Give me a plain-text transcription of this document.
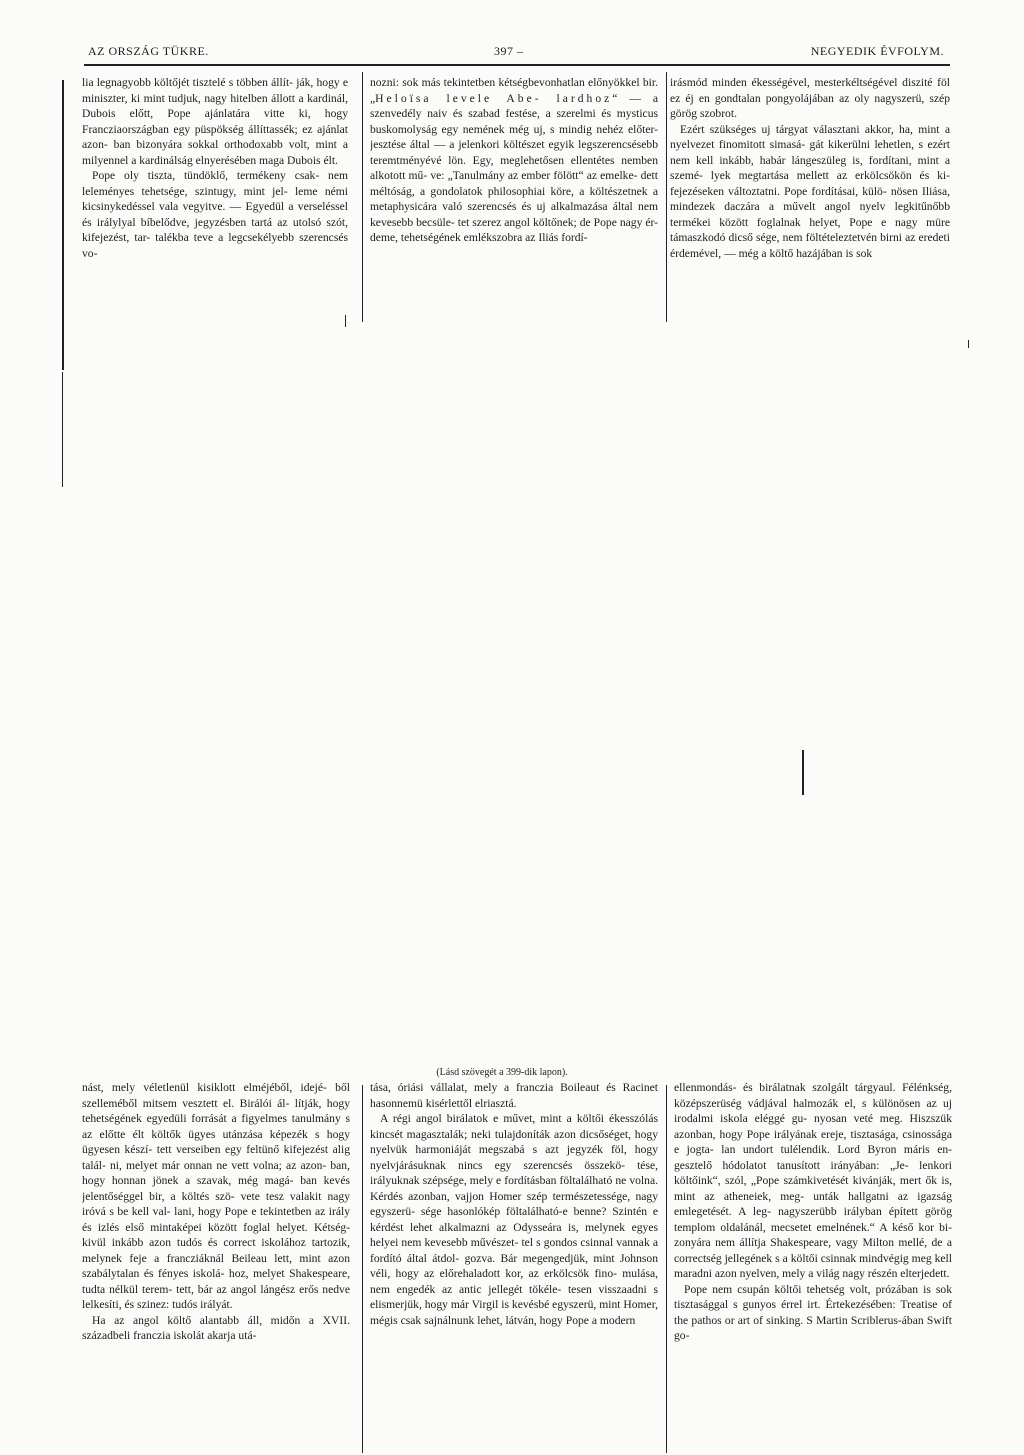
AZ ORSZÁG TÜKRE.	397 –	NEGYEDIK ÉVFOLYM.

lia legnagyobb költőjét tisztelé s többen állít- ják, hogy e miniszter, ki mint tudjuk, nagy hitelben állott a kardinál, Dubois előtt, Pope ajánlatára vitte ki, hogy Francziaországban egy püspökség állíttassék; ez ajánlat azon- ban bizonyára sokkal orthodoxabb volt, mint a milyennel a kardinálság elnyerésében maga Dubois élt.

Pope oly tiszta, tündöklő, termékeny csak- nem leleményes tehetsége, szintugy, mint jel- leme némi kicsinykedéssel vala vegyitve. — Egyedül a verseléssel és irálylyal bíbelődve, jegyzésben tartá az utolsó szót, kifejezést, tar- talékba teve a legcsekélyebb szerencsés vo-

nozni: sok más tekintetben kétségbevonhatlan előnyökkel bir. „Heloïsa levele Abe- lardhoz“ — a szenvedély naiv és szabad festése, a szerelmi és mysticus buskomolyság egy nemének még uj, s mindig nehéz előter- jesztése által — a jelenkori költészet egyik legszerencsésebb teremtményévé lön. Egy, meglehetősen ellentétes nemben alkotott mű- ve: „Tanulmány az ember fölött“ az emelke- dett méltóság, a gondolatok philosophiai köre, a költészetnek a metaphysicára való szerencsés és uj alkalmazása által nem kevesebb becsüle- tet szerez angol költőnek; de Pope nagy ér- deme, tehetségének emlékszobra az Iliás fordí-

irásmód minden ékességével, mesterkéltségével diszité föl ez éj en gondtalan pongyolájában az oly nagyszerü, szép görög szobrot.

Ezért szükséges uj tárgyat választani akkor, ha, mint a nyelvezet finomitott simasá- gát kikerülni lehetlen, s ezért nem kell inkább, habár lángeszüleg is, fordítani, mint a szemé- lyek megtartása mellett az erkölcsökön és ki- fejezéseken változtatni. Pope fordításai, külö- nösen Iliása, mindezek daczára a művelt angol nyelv legkitűnőbb termékei között foglalnak helyet, Pope e nagy müre támaszkodó dicső sége, nem föltételeztetvén birni az eredeti érdemével, — még a költő hazájában is sok

(Lásd szövegét a 399-dik lapon).

nást, mely véletlenül kisiklott elméjéből, idejé- ből szelleméből mitsem vesztett el. Birálói ál- lítják, hogy tehetségének egyedüli forrását a figyelmes tanulmány s az előtte élt költők ügyes utánzása képezék s hogy ügyesen készí- tett verseiben egy feltünő kifejezést alig talál- ni, melyet már onnan ne vett volna; az azon- ban, hogy honnan jönek a szavak, még magá- ban kevés jelentőséggel bir, a költés szö- vete tesz valakit nagy iróvá s be kell val- lani, hogy Pope e tekintetben az irály és izlés első mintaképei között foglal helyet. Kétség- kivül inkább azon tudós és correct iskolához tartozik, melynek feje a francziáknál Beileau lett, mint azon szabálytalan és fényes iskolá- hoz, melyet Shakespeare, tudta nélkül terem- tett, bár az angol lángész erős nedve lelkesíti, és szinez: tudós irályát.

Ha az angol költő alantabb áll, midőn a XVII. századbeli franczia iskolát akarja utá-

tása, óriási vállalat, mely a franczia Boileaut és Racinet hasonnemü kisérlettől elriasztá.

A régi angol birálatok e művet, mint a költői ékesszólás kincsét magasztalák; neki tulajdoníták azon dicsőséget, hogy nyelvük harmoniáját megszabá s azt jegyzék föl, hogy nyelvjárásuknak nincs egy szerencsés összekö- tése, irályuknak szépsége, mely e fordításban föltalálható ne volna. Kérdés azonban, vajjon Homer szép természetessége, nagy egyszerü- sége hasonlókép föltalálható-e benne? Szintén e kérdést lehet alkalmazni az Odysseára is, melynek egyes helyei nem kevesebb művészet- tel s gondos csinnal vannak a fordító által átdol- gozva. Bár megengedjük, mint Johnson véli, hogy az előrehaladott kor, az erkölcsök fino- mulása, nem engedék az antic jellegét tökéle- tesen visszaadni s elismerjük, hogy már Virgil is kevésbé egyszerü, mint Homer, mégis csak sajnálnunk lehet, látván, hogy Pope a modern

ellenmondás- és birálatnak szolgált tárgyaul. Félénkség, középszerüség vádjával halmozák el, s különösen az uj irodalmi iskola eléggé gu- nyosan veté meg. Hiszszük azonban, hogy Pope irályának ereje, tisztasága, csinossága e jogta- lan undort tulélendik. Lord Byron máris en- gesztelő hódolatot tanusított irányában: „Je- lenkori költőink“, szól, „Pope számkivetését kivánják, mert ők is, mint az atheneiek, meg- unták hallgatni az igazság emlegetését. A leg- nagyszerübb irályban épített görög templom oldalánál, mecsetet emelnének.“ A késő kor bi- zonyára nem állítja Shakespeare, vagy Milton mellé, de a correctség jellegének s a költői csinnak mindvégig meg kell maradni azon nyelven, mely a világ nagy részén elterjedett.

Pope nem csupán költői tehetség volt, prózában is sok tisztasággal s gunyos érrel irt. Értekezésében: Treatise of the pathos or art of sinking. S Martin Scriblerus-ában Swift go-
